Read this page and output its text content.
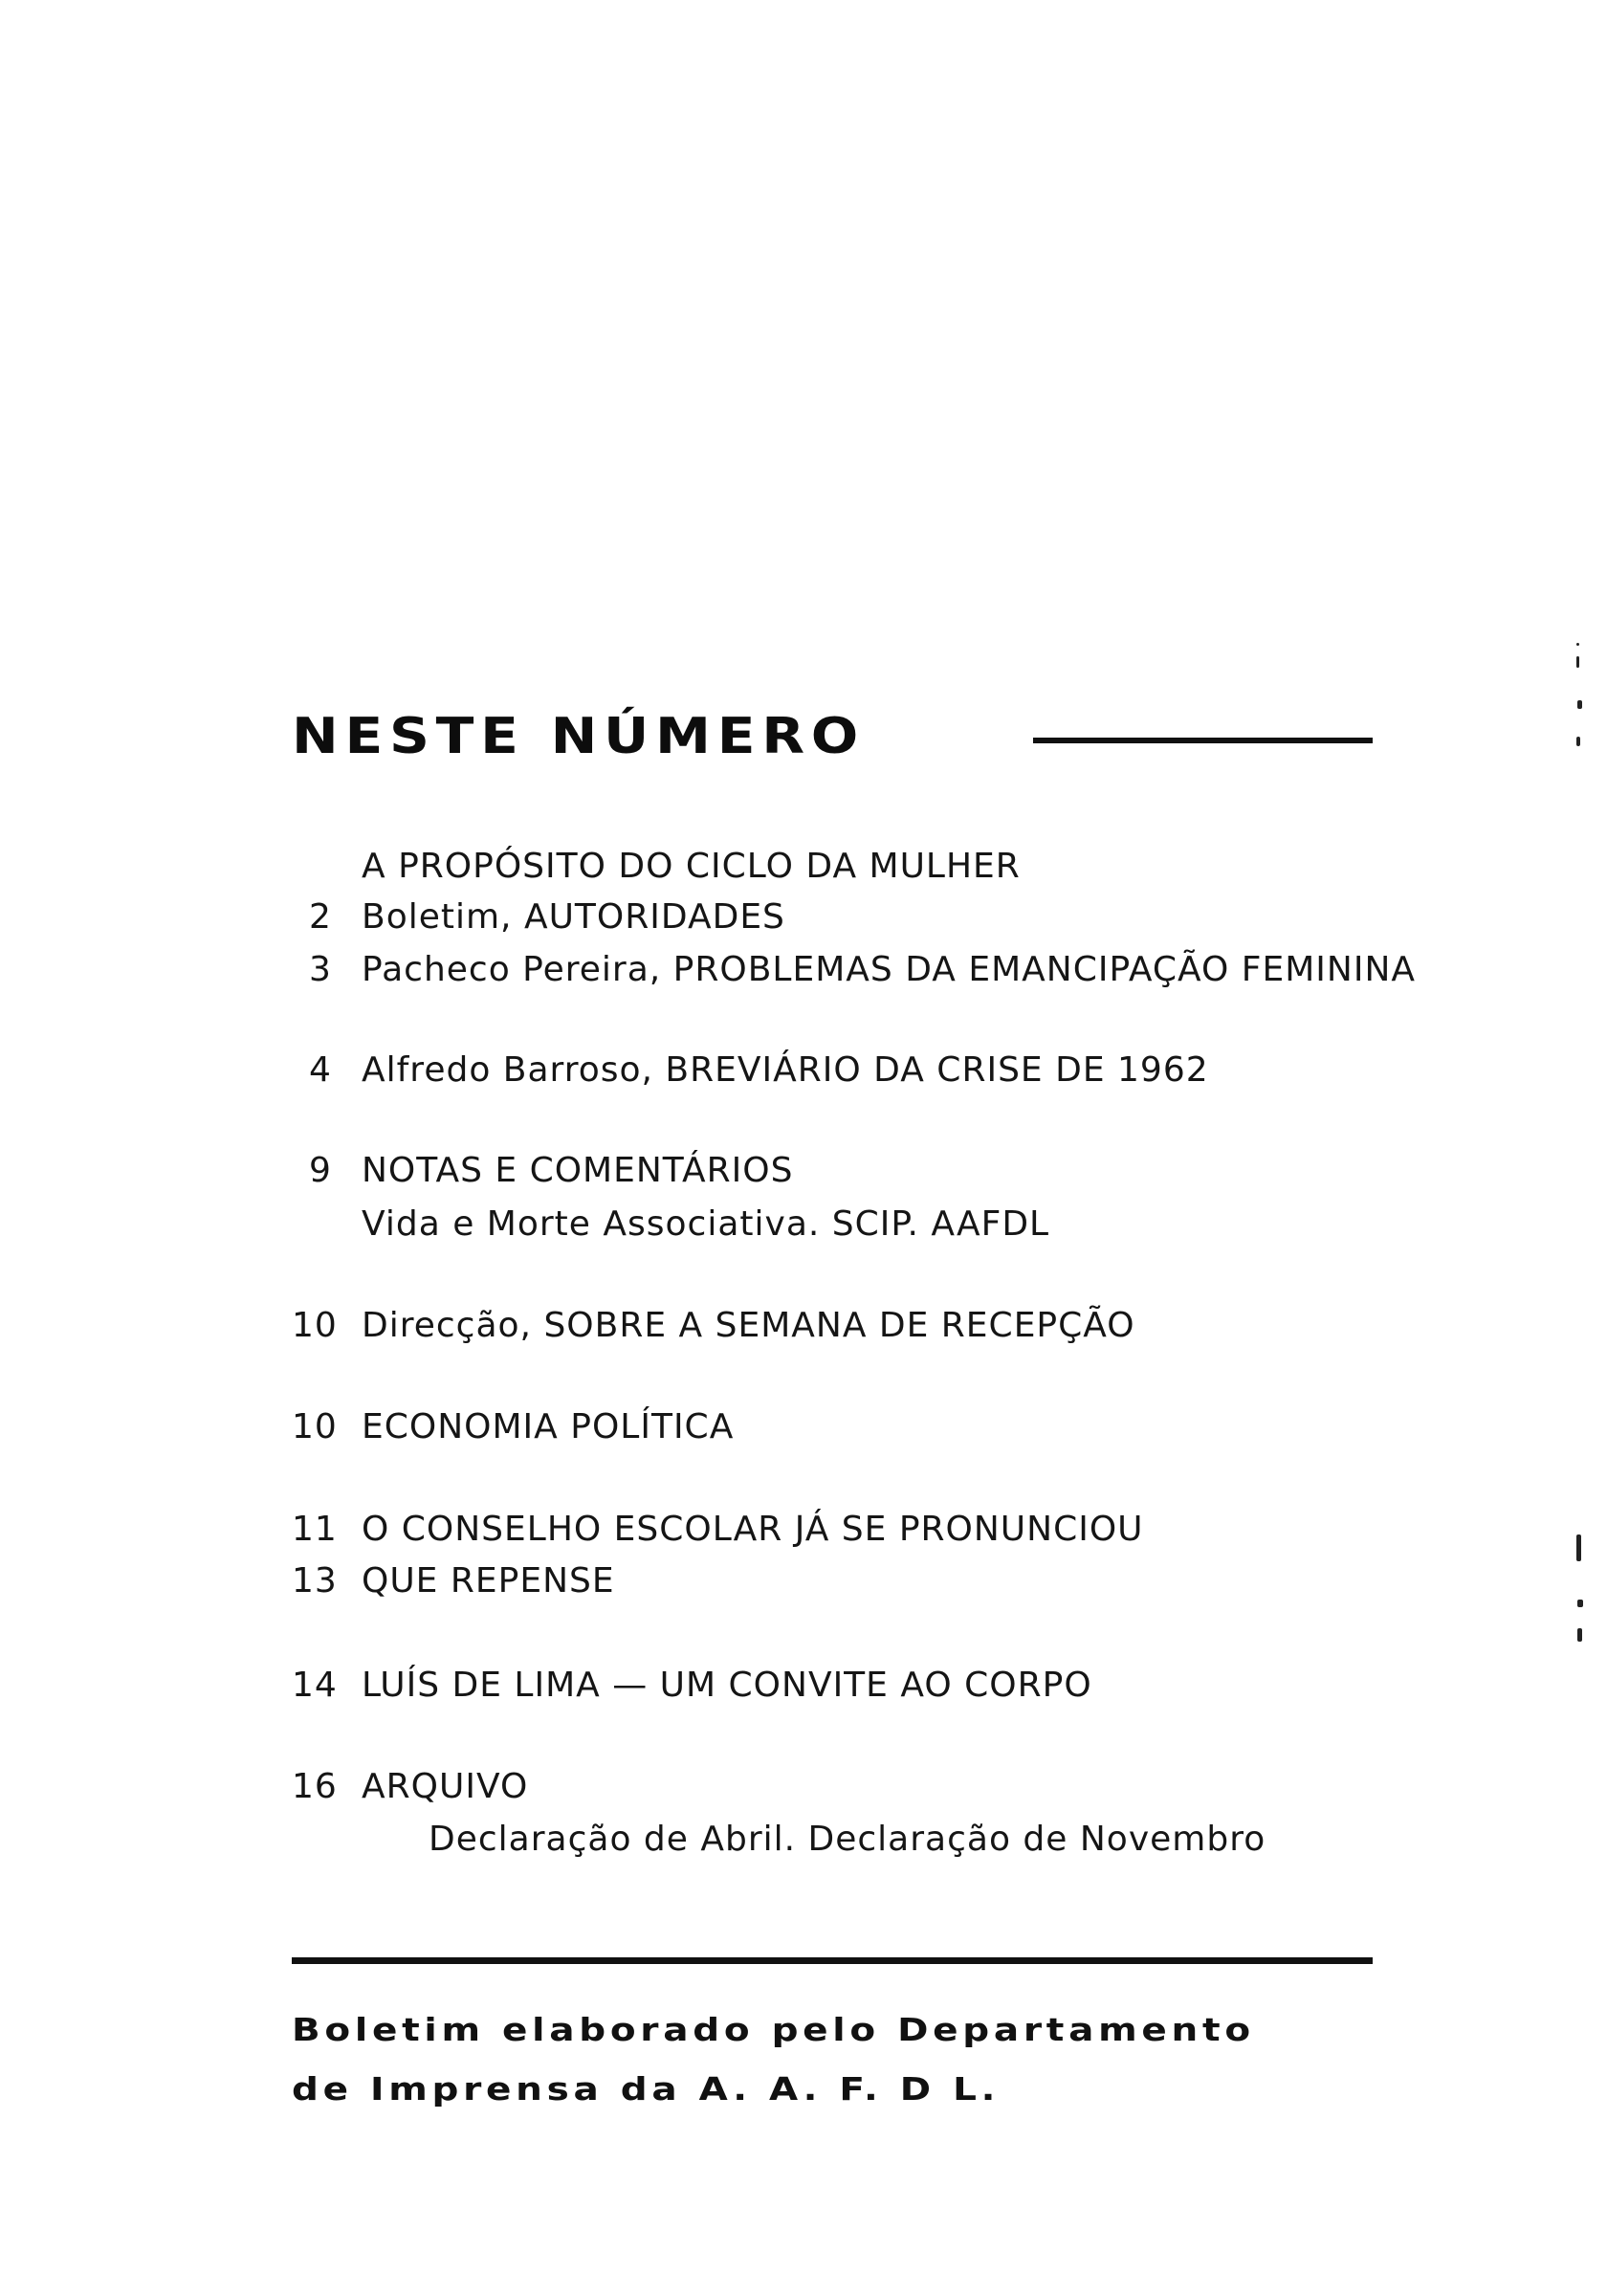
NESTE NÚMERO
A PROPÓSITO DO CICLO DA MULHER
2 Boletim, AUTORIDADES
3 Pacheco Pereira, PROBLEMAS DA EMANCIPAÇÃO FEMININA
4 Alfredo Barroso, BREVIÁRIO DA CRISE DE 1962
9 NOTAS E COMENTÁRIOS
Vida e Morte Associativa. SCIP. AAFDL
10 Direcção, SOBRE A SEMANA DE RECEPÇÃO
10 ECONOMIA POLÍTICA
11 O CONSELHO ESCOLAR JÁ SE PRONUNCIOU
13 QUE REPENSE
14 LUÍS DE LIMA — UM CONVITE AO CORPO
16 ARQUIVO
Declaração de Abril. Declaração de Novembro
Boletim elaborado pelo Departamento
de Imprensa da A. A. F. D L.
